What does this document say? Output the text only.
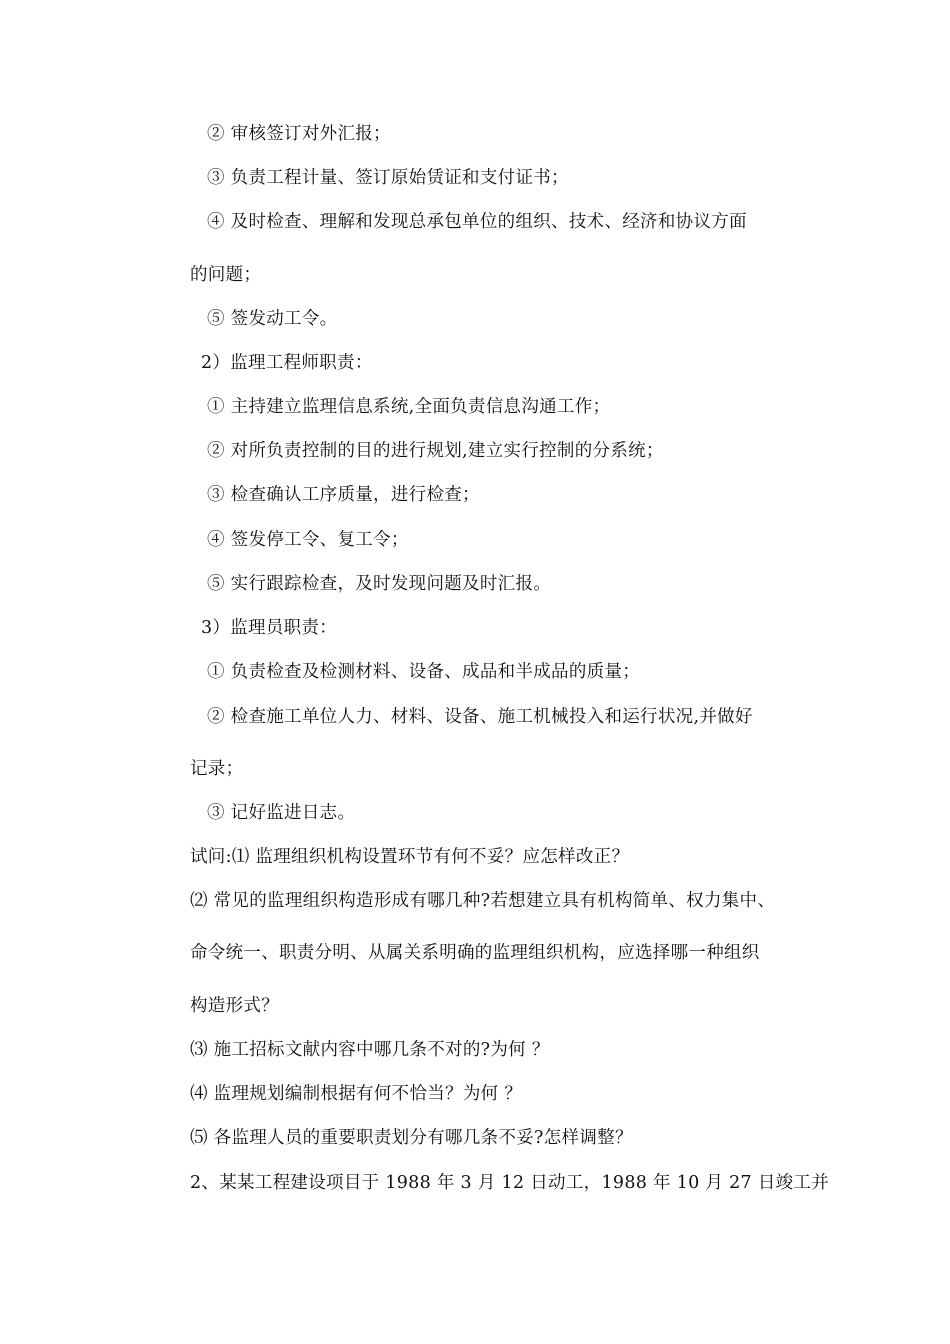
② 审核签订对外汇报；
③ 负责工程计量、签订原始赁证和支付证书；
④ 及时检查、理解和发现总承包单位的组织、技术、经济和协议方面
的问题；
⑤ 签发动工令。
2）监理工程师职责：
① 主持建立监理信息系统,全面负责信息沟通工作；
② 对所负责控制的目的进行规划,建立实行控制的分系统；
③ 检查确认工序质量，进行检查；
④ 签发停工令、复工令；
⑤ 实行跟踪检查，及时发现问题及时汇报。
3）监理员职责：
① 负责检查及检测材料、设备、成品和半成品的质量；
② 检查施工单位人力、材料、设备、施工机械投入和运行状况,并做好
记录；
③ 记好监进日志。
试问:⑴ 监理组织机构设置环节有何不妥？应怎样改正？
⑵ 常见的监理组织构造形成有哪几种?若想建立具有机构简单、权力集中、
命令统一、职责分明、从属关系明确的监理组织机构，应选择哪一种组织
构造形式？
⑶ 施工招标文献内容中哪几条不对的?为何 ？
⑷ 监理规划编制根据有何不恰当？为何 ？
⑸ 各监理人员的重要职责划分有哪几条不妥?怎样调整？
2、某某工程建设项目于 1988 年 3 月 12 日动工，1988 年 10 月 27 日竣工并
